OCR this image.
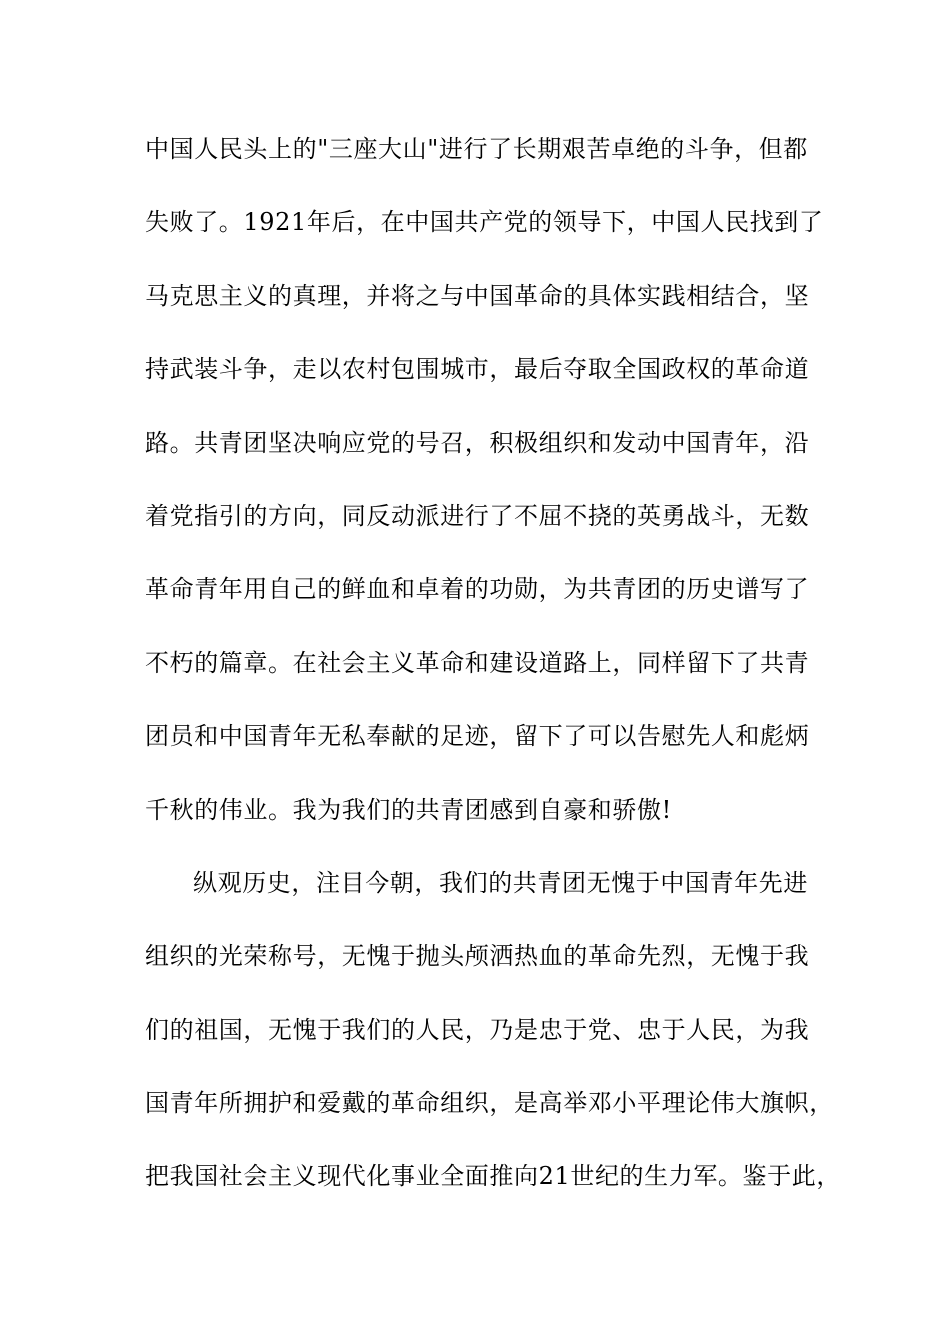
中国人民头上的"三座大山"进行了长期艰苦卓绝的斗争，但都
失败了。1921年后，在中国共产党的领导下，中国人民找到了
马克思主义的真理，并将之与中国革命的具体实践相结合，坚
持武装斗争，走以农村包围城市，最后夺取全国政权的革命道
路。共青团坚决响应党的号召，积极组织和发动中国青年，沿
着党指引的方向，同反动派进行了不屈不挠的英勇战斗，无数
革命青年用自己的鲜血和卓着的功勋，为共青团的历史谱写了
不朽的篇章。在社会主义革命和建设道路上，同样留下了共青
团员和中国青年无私奉献的足迹，留下了可以告慰先人和彪炳
千秋的伟业。我为我们的共青团感到自豪和骄傲!
纵观历史，注目今朝，我们的共青团无愧于中国青年先进
组织的光荣称号，无愧于抛头颅洒热血的革命先烈，无愧于我
们的祖国，无愧于我们的人民，乃是忠于党、忠于人民，为我
国青年所拥护和爱戴的革命组织，是高举邓小平理论伟大旗帜，
把我国社会主义现代化事业全面推向21世纪的生力军。鉴于此，
